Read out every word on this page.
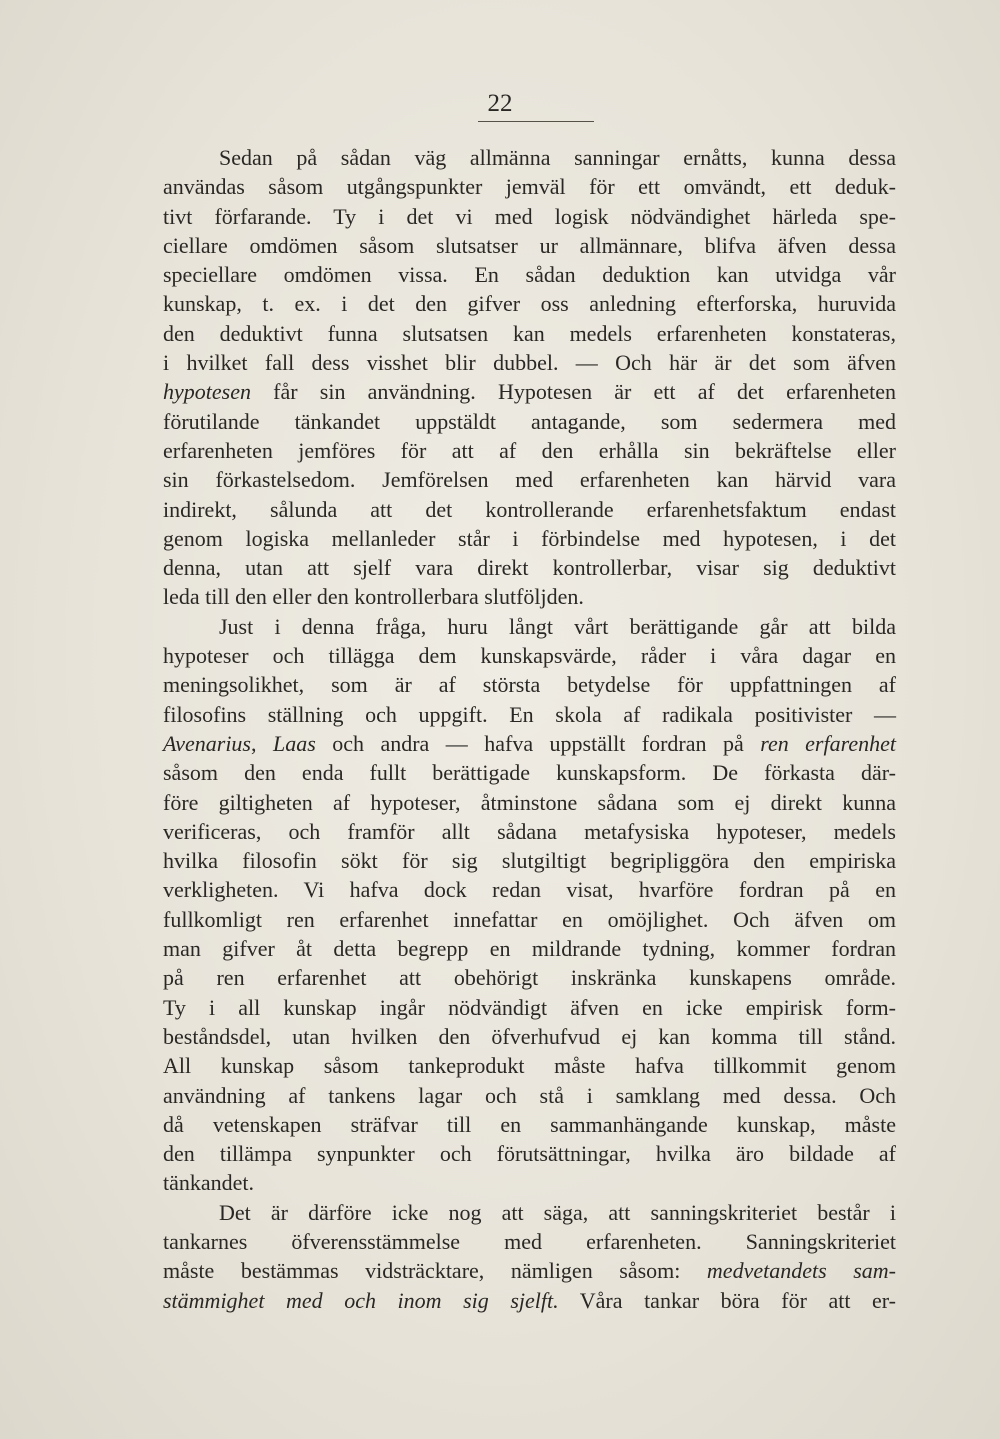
22
Sedan på sådan väg allmänna sanningar ernåtts, kunna dessa
användas såsom utgångspunkter jemväl för ett omvändt, ett deduk-
tivt förfarande. Ty i det vi med logisk nödvändighet härleda spe-
ciellare omdömen såsom slutsatser ur allmännare, blifva äfven dessa
speciellare omdömen vissa. En sådan deduktion kan utvidga vår
kunskap, t. ex. i det den gifver oss anledning efterforska, huruvida
den deduktivt funna slutsatsen kan medels erfarenheten konstateras,
i hvilket fall dess visshet blir dubbel. — Och här är det som äfven
hypotesen får sin användning. Hypotesen är ett af det erfarenheten
förutilande tänkandet uppstäldt antagande, som sedermera med
erfarenheten jemföres för att af den erhålla sin bekräftelse eller
sin förkastelsedom. Jemförelsen med erfarenheten kan härvid vara
indirekt, sålunda att det kontrollerande erfarenhetsfaktum endast
genom logiska mellanleder står i förbindelse med hypotesen, i det
denna, utan att sjelf vara direkt kontrollerbar, visar sig deduktivt
leda till den eller den kontrollerbara slutföljden.
Just i denna fråga, huru långt vårt berättigande går att bilda
hypoteser och tillägga dem kunskapsvärde, råder i våra dagar en
meningsolikhet, som är af största betydelse för uppfattningen af
filosofins ställning och uppgift. En skola af radikala positivister —
Avenarius, Laas och andra — hafva uppställt fordran på ren erfarenhet
såsom den enda fullt berättigade kunskapsform. De förkasta där-
före giltigheten af hypoteser, åtminstone sådana som ej direkt kunna
verificeras, och framför allt sådana metafysiska hypoteser, medels
hvilka filosofin sökt för sig slutgiltigt begripliggöra den empiriska
verkligheten. Vi hafva dock redan visat, hvarföre fordran på en
fullkomligt ren erfarenhet innefattar en omöjlighet. Och äfven om
man gifver åt detta begrepp en mildrande tydning, kommer fordran
på ren erfarenhet att obehörigt inskränka kunskapens område.
Ty i all kunskap ingår nödvändigt äfven en icke empirisk form-
beståndsdel, utan hvilken den öfverhufvud ej kan komma till stånd.
All kunskap såsom tankeprodukt måste hafva tillkommit genom
användning af tankens lagar och stå i samklang med dessa. Och
då vetenskapen sträfvar till en sammanhängande kunskap, måste
den tillämpa synpunkter och förutsättningar, hvilka äro bildade af
tänkandet.
Det är därföre icke nog att säga, att sanningskriteriet består i
tankarnes öfverensstämmelse med erfarenheten. Sanningskriteriet
måste bestämmas vidsträcktare, nämligen såsom: medvetandets sam-
stämmighet med och inom sig sjelft. Våra tankar böra för att er-
